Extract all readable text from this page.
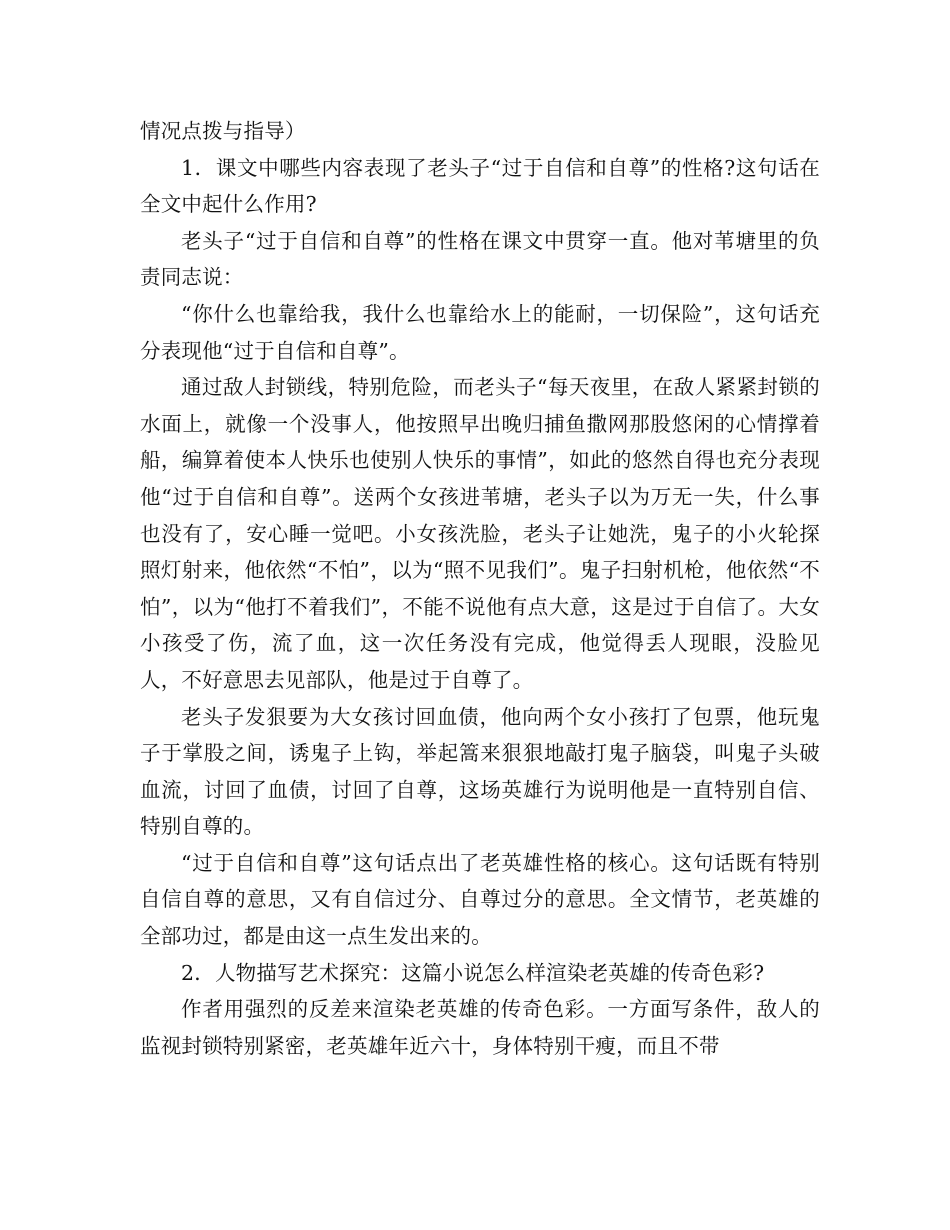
情况点拨与指导）

1．课文中哪些内容表现了老头子“过于自信和自尊”的性格?这句话在全文中起什么作用?

老头子“过于自信和自尊”的性格在课文中贯穿一直。他对苇塘里的负责同志说：

“你什么也靠给我，我什么也靠给水上的能耐，一切保险”，这句话充分表现他“过于自信和自尊”。

通过敌人封锁线，特别危险，而老头子“每天夜里，在敌人紧紧封锁的水面上，就像一个没事人，他按照早出晚归捕鱼撒网那股悠闲的心情撑着船，编算着使本人快乐也使别人快乐的事情”，如此的悠然自得也充分表现他“过于自信和自尊”。送两个女孩进苇塘，老头子以为万无一失，什么事也没有了，安心睡一觉吧。小女孩洗脸，老头子让她洗，鬼子的小火轮探照灯射来，他依然“不怕”，以为“照不见我们”。鬼子扫射机枪，他依然“不怕”，以为“他打不着我们”，不能不说他有点大意，这是过于自信了。大女小孩受了伤，流了血，这一次任务没有完成，他觉得丢人现眼，没脸见人，不好意思去见部队，他是过于自尊了。

老头子发狠要为大女孩讨回血债，他向两个女小孩打了包票，他玩鬼子于掌股之间，诱鬼子上钩，举起篙来狠狠地敲打鬼子脑袋，叫鬼子头破血流，讨回了血债，讨回了自尊，这场英雄行为说明他是一直特别自信、特别自尊的。

“过于自信和自尊”这句话点出了老英雄性格的核心。这句话既有特别自信自尊的意思，又有自信过分、自尊过分的意思。全文情节，老英雄的全部功过，都是由这一点生发出来的。

2．人物描写艺术探究：这篇小说怎么样渲染老英雄的传奇色彩?

作者用强烈的反差来渲染老英雄的传奇色彩。一方面写条件，敌人的监视封锁特别紧密，老英雄年近六十，身体特别干瘦，而且不带
